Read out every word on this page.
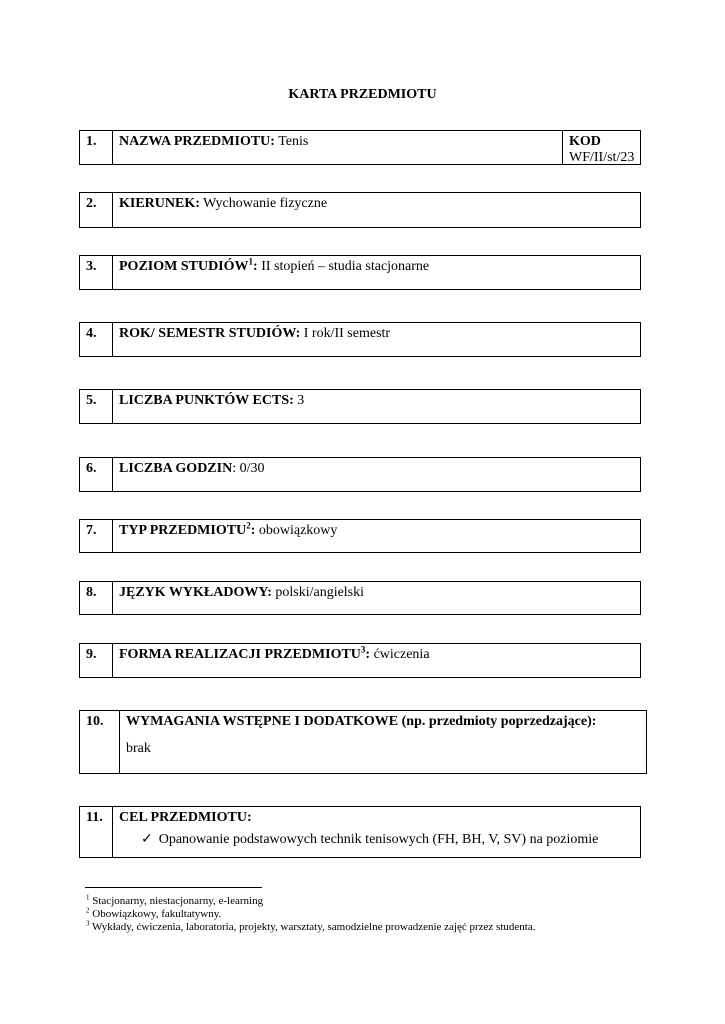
KARTA PRZEDMIOTU
1.	NAZWA PRZEDMIOTU: Tenis	KOD
WF/II/st/23
2.	KIERUNEK: Wychowanie fizyczne
3.	POZIOM STUDIÓW$^1$: II stopień – studia stacjonarne
4.	ROK/ SEMESTR STUDIÓW: I rok/II semestr
5.	LICZBA PUNKTÓW ECTS: 3
6.	LICZBA GODZIN: 0/30
7.	TYP PRZEDMIOTU$^2$: obowiązkowy
8.	JĘZYK WYKŁADOWY: polski/angielski
9.	FORMA REALIZACJI PRZEDMIOTU$^3$: ćwiczenia
10.	WYMAGANIA WSTĘPNE I DODATKOWE (np. przedmioty poprzedzające):
brak
11.	CEL PRZEDMIOTU:
✓ Opanowanie podstawowych technik tenisowych (FH, BH, V, SV) na poziomie
$^1$ Stacjonarny, niestacjonarny, e-learning
$^2$ Obowiązkowy, fakultatywny.
$^3$ Wykłady, ćwiczenia, laboratoria, projekty, warsztaty, samodzielne prowadzenie zajęć przez studenta.
